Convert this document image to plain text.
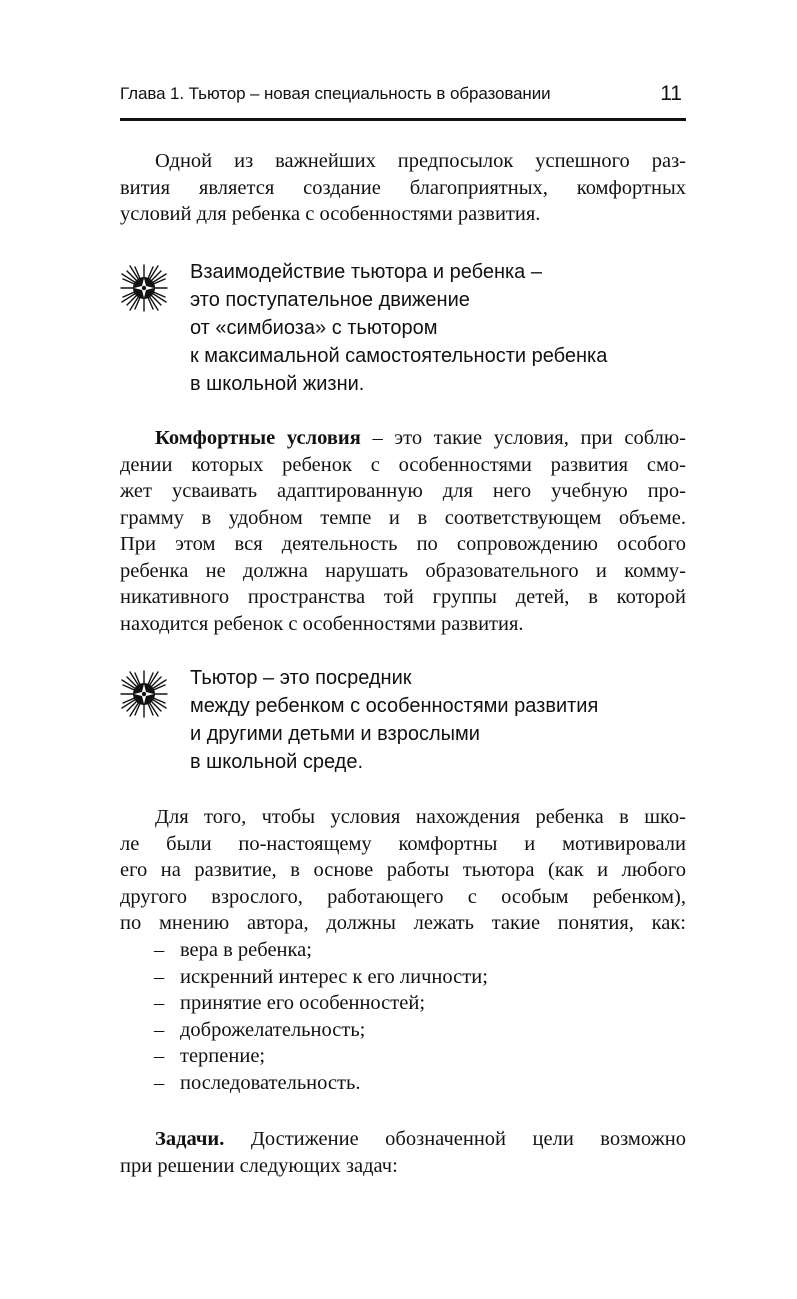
Глава 1. Тьютор – новая специальность в образовании	11
Одной из важнейших предпосылок успешного раз-
вития является создание благоприятных, комфортных
условий для ребенка с особенностями развития.
Взаимодействие тьютора и ребенка –
это поступательное движение
от «симбиоза» с тьютором
к максимальной самостоятельности ребенка
в школьной жизни.
Комфортные условия – это такие условия, при соблю-
дении которых ребенок с особенностями развития смо-
жет усваивать адаптированную для него учебную про-
грамму в удобном темпе и в соответствующем объеме.
При этом вся деятельность по сопровождению особого
ребенка не должна нарушать образовательного и комму-
никативного пространства той группы детей, в которой
находится ребенок с особенностями развития.
Тьютор – это посредник
между ребенком с особенностями развития
и другими детьми и взрослыми
в школьной среде.
Для того, чтобы условия нахождения ребенка в шко-
ле были по-настоящему комфортны и мотивировали
его на развитие, в основе работы тьютора (как и любого
другого взрослого, работающего с особым ребенком),
по мнению автора, должны лежать такие понятия, как:
– вера в ребенка;
– искренний интерес к его личности;
– принятие его особенностей;
– доброжелательность;
– терпение;
– последовательность.
Задачи. Достижение обозначенной цели возможно
при решении следующих задач:
